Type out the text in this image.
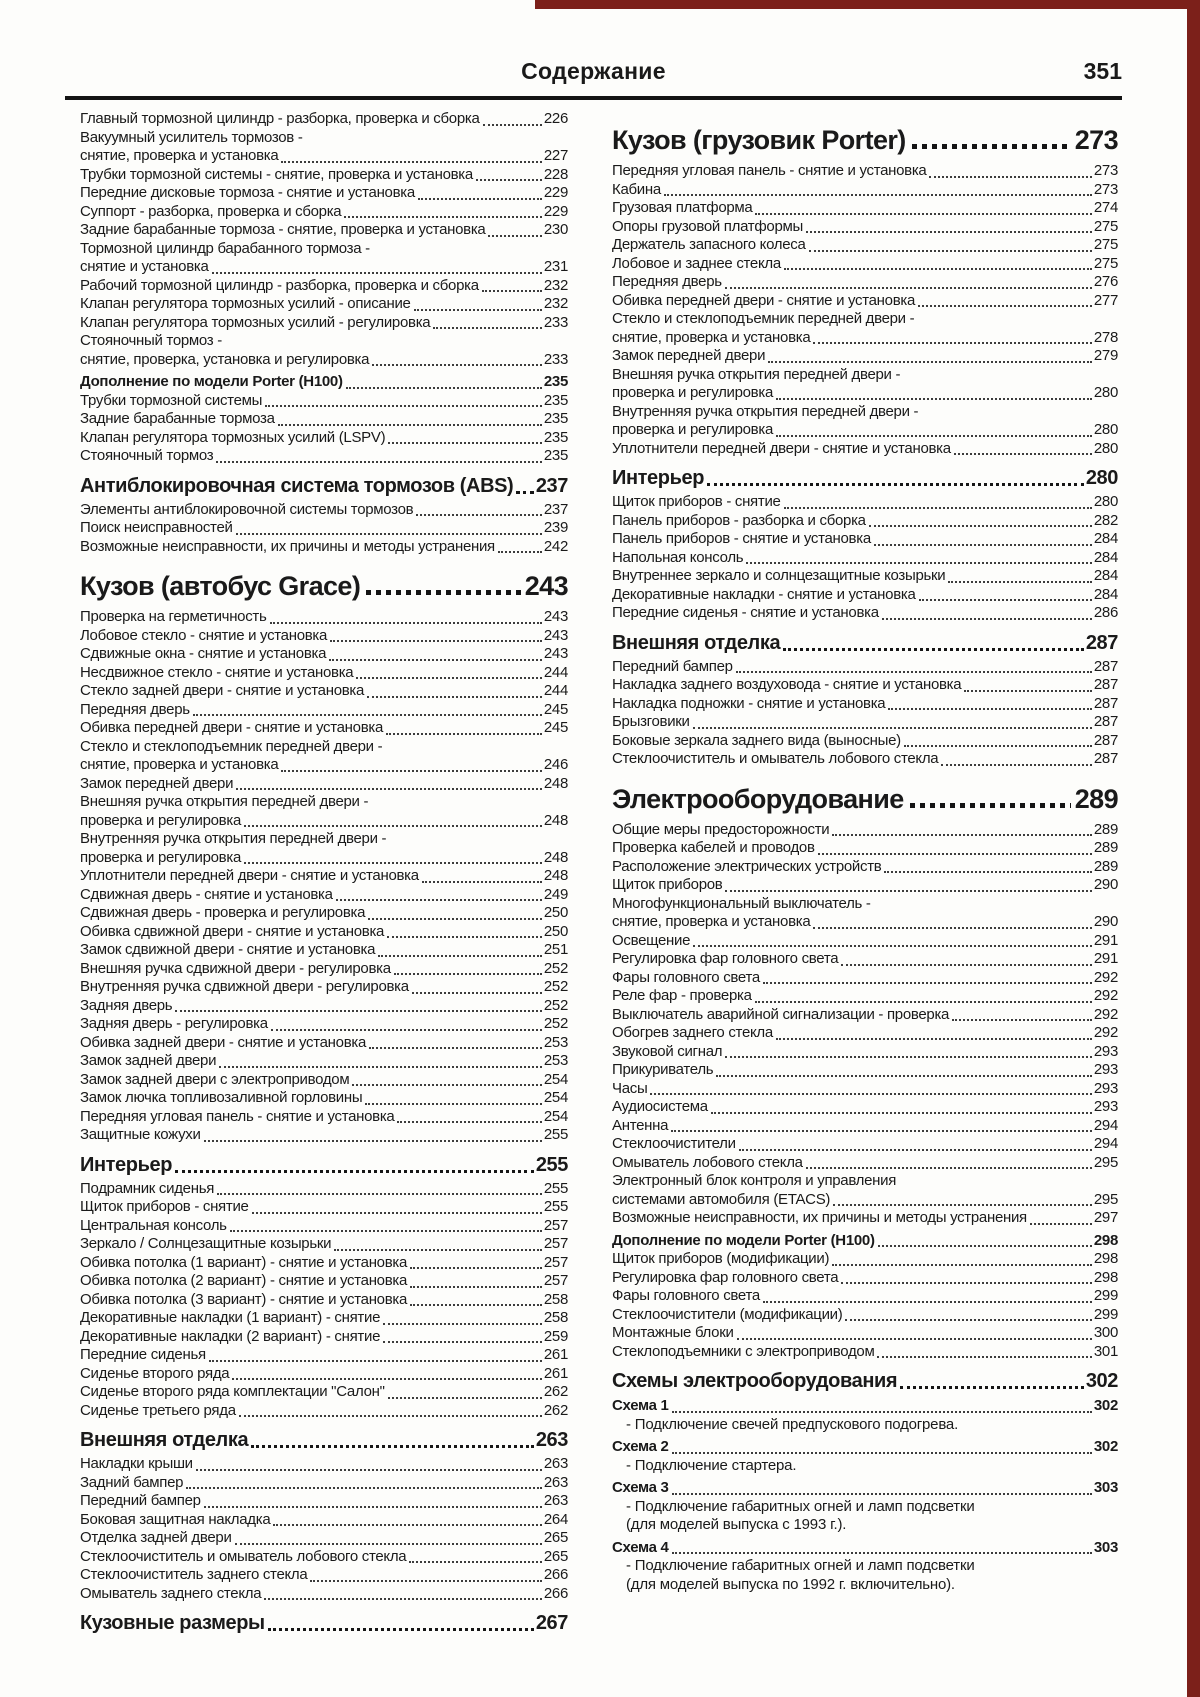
Содержание	351
Главный тормозной цилиндр - разборка, проверка и сборка	226
Вакуумный усилитель тормозов -
снятие, проверка и установка	227
Трубки тормозной системы - снятие, проверка и установка	228
Передние дисковые тормоза - снятие и установка	229
Суппорт - разборка, проверка и сборка	229
Задние барабанные тормоза - снятие, проверка и установка	230
Тормозной цилиндр барабанного тормоза -
снятие и установка	231
Рабочий тормозной цилиндр - разборка, проверка и сборка	232
Клапан регулятора тормозных усилий - описание	232
Клапан регулятора тормозных усилий - регулировка	233
Стояночный тормоз -
снятие, проверка, установка и регулировка	233
Дополнение по модели Porter (H100)	235
Трубки тормозной системы	235
Задние барабанные тормоза	235
Клапан регулятора тормозных усилий (LSPV)	235
Стояночный тормоз	235
Антиблокировочная система тормозов (ABS) 237
Элементы антиблокировочной системы тормозов	237
Поиск неисправностей	239
Возможные неисправности, их причины и методы устранения	242
Кузов (автобус Grace)	243
Проверка на герметичность	243
Лобовое стекло - снятие и установка	243
Сдвижные окна - снятие и установка	243
Несдвижное стекло - снятие и установка	244
Стекло задней двери - снятие и установка	244
Передняя дверь	245
Обивка передней двери - снятие и установка	245
Стекло и стеклоподъемник передней двери -
снятие, проверка и установка	246
Замок передней двери	248
Внешняя ручка открытия передней двери -
проверка и регулировка	248
Внутренняя ручка открытия передней двери -
проверка и регулировка	248
Уплотнители передней двери - снятие и установка	248
Сдвижная дверь - снятие и установка	249
Сдвижная дверь - проверка и регулировка	250
Обивка сдвижной двери - снятие и установка	250
Замок сдвижной двери - снятие и установка	251
Внешняя ручка сдвижной двери - регулировка	252
Внутренняя ручка сдвижной двери - регулировка	252
Задняя дверь	252
Задняя дверь - регулировка	252
Обивка задней двери - снятие и установка	253
Замок задней двери	253
Замок задней двери с электроприводом	254
Замок лючка топливозаливной горловины	254
Передняя угловая панель - снятие и установка	254
Защитные кожухи	255
Интерьер	255
Подрамник сиденья	255
Щиток приборов - снятие	255
Центральная консоль	257
Зеркало / Солнцезащитные козырьки	257
Обивка потолка (1 вариант) - снятие и установка	257
Обивка потолка (2 вариант) - снятие и установка	257
Обивка потолка (3 вариант) - снятие и установка	258
Декоративные накладки (1 вариант) - снятие	258
Декоративные накладки (2 вариант) - снятие	259
Передние сиденья	261
Сиденье второго ряда	261
Сиденье второго ряда комплектации "Салон"	262
Сиденье третьего ряда	262
Внешняя отделка	263
Накладки крыши	263
Задний бампер	263
Передний бампер	263
Боковая защитная накладка	264
Отделка задней двери	265
Стеклоочиститель и омыватель лобового стекла	265
Стеклоочиститель заднего стекла	266
Омыватель заднего стекла	266
Кузовные размеры	267
Кузов (грузовик Porter)	273
Передняя угловая панель - снятие и установка	273
Кабина	273
Грузовая платформа	274
Опоры грузовой платформы	275
Держатель запасного колеса	275
Лобовое и заднее стекла	275
Передняя дверь	276
Обивка передней двери - снятие и установка	277
Стекло и стеклоподъемник передней двери -
снятие, проверка и установка	278
Замок передней двери	279
Внешняя ручка открытия передней двери -
проверка и регулировка	280
Внутренняя ручка открытия передней двери -
проверка и регулировка	280
Уплотнители передней двери - снятие и установка	280
Интерьер	280
Щиток приборов - снятие	280
Панель приборов - разборка и сборка	282
Панель приборов - снятие и установка	284
Напольная консоль	284
Внутреннее зеркало и солнцезащитные козырьки	284
Декоративные накладки - снятие и установка	284
Передние сиденья - снятие и установка	286
Внешняя отделка	287
Передний бампер	287
Накладка заднего воздуховода - снятие и установка	287
Накладка подножки - снятие и установка	287
Брызговики	287
Боковые зеркала заднего вида (выносные)	287
Стеклоочиститель и омыватель лобового стекла	287
Электрооборудование	289
Общие меры предосторожности	289
Проверка кабелей и проводов	289
Расположение электрических устройств	289
Щиток приборов	290
Многофункциональный выключатель -
снятие, проверка и установка	290
Освещение	291
Регулировка фар головного света	291
Фары головного света	292
Реле фар - проверка	292
Выключатель аварийной сигнализации - проверка	292
Обогрев заднего стекла	292
Звуковой сигнал	293
Прикуриватель	293
Часы	293
Аудиосистема	293
Антенна	294
Стеклоочистители	294
Омыватель лобового стекла	295
Электронный блок контроля и управления
системами автомобиля (ETACS)	295
Возможные неисправности, их причины и методы устранения	297
Дополнение по модели Porter (H100)	298
Щиток приборов (модификации)	298
Регулировка фар головного света	298
Фары головного света	299
Стеклоочистители (модификации)	299
Монтажные блоки	300
Стеклоподъемники с электроприводом	301
Схемы электрооборудования	302
Схема 1	302
- Подключение свечей предпускового подогрева.
Схема 2	302
- Подключение стартера.
Схема 3	303
- Подключение габаритных огней и ламп подсветки
(для моделей выпуска с 1993 г.).
Схема 4	303
- Подключение габаритных огней и ламп подсветки
(для моделей выпуска по 1992 г. включительно).
